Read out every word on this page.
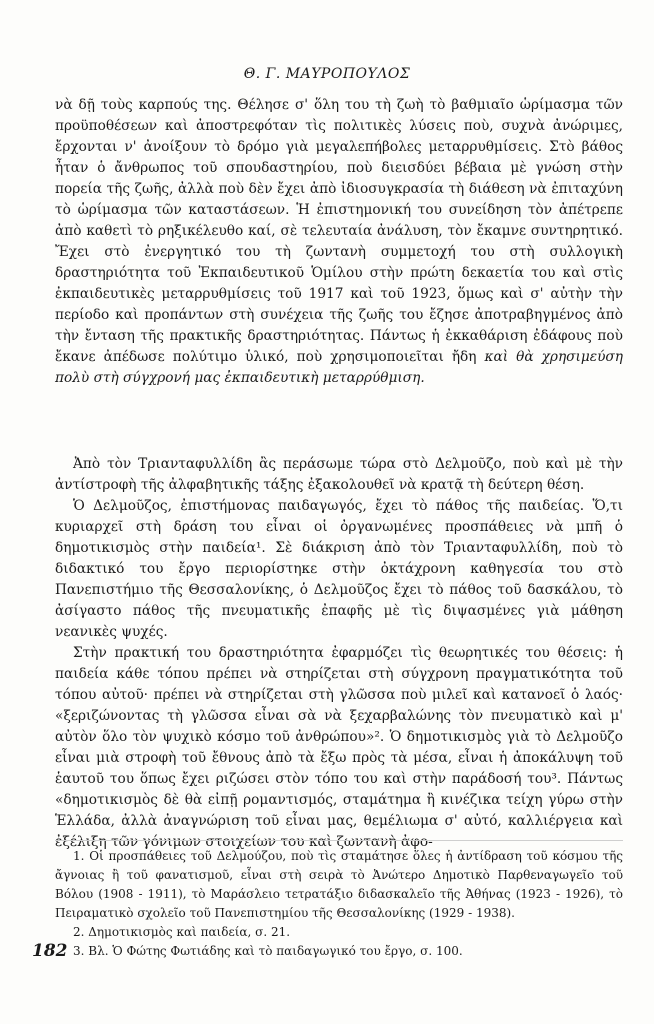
Θ. Γ. ΜΑΥΡΟΠΟΥΛΟΣ

νὰ δῇ τοὺς καρπούς της. Θέλησε σ' ὅλη του τὴ ζωὴ τὸ βαθμιαῖο ὡρίμασμα τῶν προϋποθέσεων καὶ ἀποστρεφόταν τὶς πολιτικὲς λύσεις ποὺ, συχνὰ ἀνώριμες, ἔρχονται ν' ἀνοίξουν τὸ δρόμο γιὰ μεγαλεπήβολες μεταρρυθμίσεις. Στὸ βάθος ἦταν ὁ ἄνθρωπος τοῦ σπουδαστηρίου, ποὺ διεισδύει βέβαια μὲ γνώση στὴν πορεία τῆς ζωῆς, ἀλλὰ ποὺ δὲν ἔχει ἀπὸ ἰδιοσυγκρασία τὴ διάθεση νὰ ἐπιταχύνη τὸ ὡρίμασμα τῶν καταστάσεων. Ἡ ἐπιστημονική του συνείδηση τὸν ἀπέτρεπε ἀπὸ καθετὶ τὸ ρηξικέλευθο καί, σὲ τελευταία ἀνάλυση, τὸν ἔκαμνε συντηρητικό. Ἔχει στὸ ἐνεργητικό του τὴ ζωντανὴ συμμετοχή του στὴ συλλογικὴ δραστηριότητα τοῦ Ἐκπαιδευτικοῦ Ὁμίλου στὴν πρώτη δεκαετία του καὶ στὶς ἐκπαιδευτικὲς μεταρρυθμίσεις τοῦ 1917 καὶ τοῦ 1923, ὅμως καὶ σ' αὐτὴν τὴν περίοδο καὶ προπάντων στὴ συνέχεια τῆς ζωῆς του ἔζησε ἀποτραβηγμένος ἀπὸ τὴν ἔνταση τῆς πρακτικῆς δραστηριότητας. Πάντως ἡ ἐκκαθάριση ἐδάφους ποὺ ἔκανε ἀπέδωσε πολύτιμο ὑλικό, ποὺ χρησιμοποιεῖται ἤδη καὶ θὰ χρησιμεύση πολὺ στὴ σύγχρονή μας ἐκπαιδευτικὴ μεταρρύθμιση.

Ἀπὸ τὸν Τριανταφυλλίδη ἂς περάσωμε τώρα στὸ Δελμοῦζο, ποὺ καὶ μὲ τὴν ἀντίστροφὴ τῆς ἀλφαβητικῆς τάξης ἐξακολουθεῖ νὰ κρατᾷ τὴ δεύτερη θέση.

Ὁ Δελμοῦζος, ἐπιστήμονας παιδαγωγός, ἔχει τὸ πάθος τῆς παιδείας. Ὅ,τι κυριαρχεῖ στὴ δράση του εἶναι οἱ ὀργανωμένες προσπάθειες νὰ μπῆ ὁ δημοτικισμὸς στὴν παιδεία¹. Σὲ διάκριση ἀπὸ τὸν Τριανταφυλλίδη, ποὺ τὸ διδακτικό του ἔργο περιορίστηκε στὴν ὀκτάχρονη καθηγεσία του στὸ Πανεπιστήμιο τῆς Θεσσαλονίκης, ὁ Δελμοῦζος ἔχει τὸ πάθος τοῦ δασκάλου, τὸ ἀσίγαστο πάθος τῆς πνευματικῆς ἐπαφῆς μὲ τὶς διψασμένες γιὰ μάθηση νεανικὲς ψυχές.

Στὴν πρακτική του δραστηριότητα ἐφαρμόζει τὶς θεωρητικές του θέσεις: ἡ παιδεία κάθε τόπου πρέπει νὰ στηρίζεται στὴ σύγχρονη πραγματικότητα τοῦ τόπου αὐτοῦ· πρέπει νὰ στηρίζεται στὴ γλῶσσα ποὺ μιλεῖ καὶ κατανοεῖ ὁ λαός· «ξεριζώνοντας τὴ γλῶσσα εἶναι σὰ νὰ ξεχαρβαλώνης τὸν πνευματικὸ καὶ μ' αὐτὸν ὅλο τὸν ψυχικὸ κόσμο τοῦ ἀνθρώπου»². Ὁ δημοτικισμὸς γιὰ τὸ Δελμοῦζο εἶναι μιὰ στροφὴ τοῦ ἔθνους ἀπὸ τὰ ἔξω πρὸς τὰ μέσα, εἶναι ἡ ἀποκάλυψη τοῦ ἑαυτοῦ του ὅπως ἔχει ριζώσει στὸν τόπο του καὶ στὴν παράδοσή του³. Πάντως «δημοτικισμὸς δὲ θὰ εἰπῇ ρομαντισμός, σταμάτημα ἢ κινέζικα τείχη γύρω στὴν Ἑλλάδα, ἀλλὰ ἀναγνώριση τοῦ εἶναι μας, θεμέλιωμα σ' αὐτό, καλλιέργεια καὶ ἐξέλιξη τῶν γόνιμων στοιχείων του καὶ ζωντανὴ ἀφο-

1. Οἱ προσπάθειες τοῦ Δελμούζου, ποὺ τὶς σταμάτησε ὅλες ἡ ἀντίδραση τοῦ κόσμου τῆς ἄγνοιας ἢ τοῦ φανατισμοῦ, εἶναι στὴ σειρὰ τὸ Ἀνώτερο Δημοτικὸ Παρθεναγωγεῖο τοῦ Βόλου (1908 - 1911), τὸ Μαράσλειο τετρατάξιο διδασκαλεῖο τῆς Ἀθήνας (1923 - 1926), τὸ Πειραματικὸ σχολεῖο τοῦ Πανεπιστημίου τῆς Θεσσαλονίκης (1929 - 1938).

2. Δημοτικισμὸς καὶ παιδεία, σ. 21.

3. Βλ. Ὁ Φώτης Φωτιάδης καὶ τὸ παιδαγωγικό του ἔργο, σ. 100.

182
